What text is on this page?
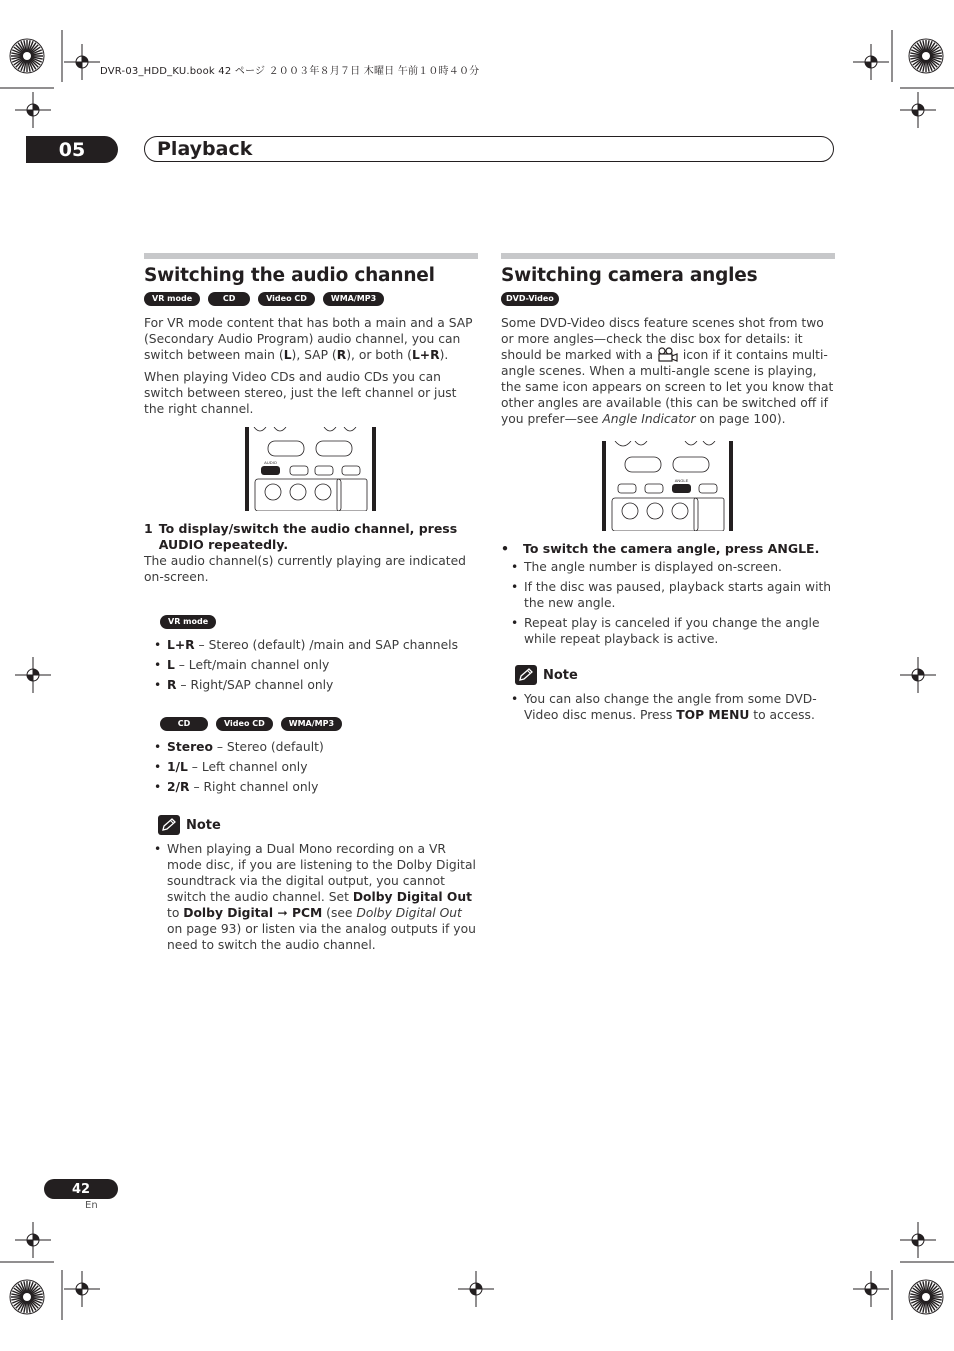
DVR-03_HDD_KU.book 42 ページ ２００３年８月７日 木曜日 午前１０時４０分
05	Playback
Switching the audio channel
VR mode	CD	Video CD	WMA/MP3

For VR mode content that has both a main and a SAP (Secondary Audio Program) audio channel, you can switch between main (L), SAP (R), or both (L+R).

When playing Video CDs and audio CDs you can switch between stereo, just the left channel or just the right channel.

AUDIO
1 To display/switch the audio channel, press AUDIO repeatedly.

The audio channel(s) currently playing are indicated on-screen.

VR mode
• L+R – Stereo (default) /main and SAP channels
• L – Left/main channel only
• R – Right/SAP channel only
CD	Video CD	WMA/MP3
• Stereo – Stereo (default)
• 1/L – Left channel only
• 2/R – Right channel only
Note
• When playing a Dual Mono recording on a VR mode disc, if you are listening to the Dolby Digital soundtrack via the digital output, you cannot switch the audio channel. Set Dolby Digital Out to Dolby Digital ➞ PCM (see Dolby Digital Out on page 93) or listen via the analog outputs if you need to switch the audio channel.
Switching camera angles
DVD-Video

Some DVD-Video discs feature scenes shot from two or more angles—check the disc box for details: it should be marked with a  icon if it contains multi-angle scenes. When a multi-angle scene is playing, the same icon appears on screen to let you know that other angles are available (this can be switched off if you prefer—see Angle Indicator on page 100).

ANGLE
• To switch the camera angle, press ANGLE.
• The angle number is displayed on-screen.
• If the disc was paused, playback starts again with the new angle.
• Repeat play is canceled if you change the angle while repeat playback is active.
Note
• You can also change the angle from some DVD-Video disc menus. Press TOP MENU to access.
42
En
